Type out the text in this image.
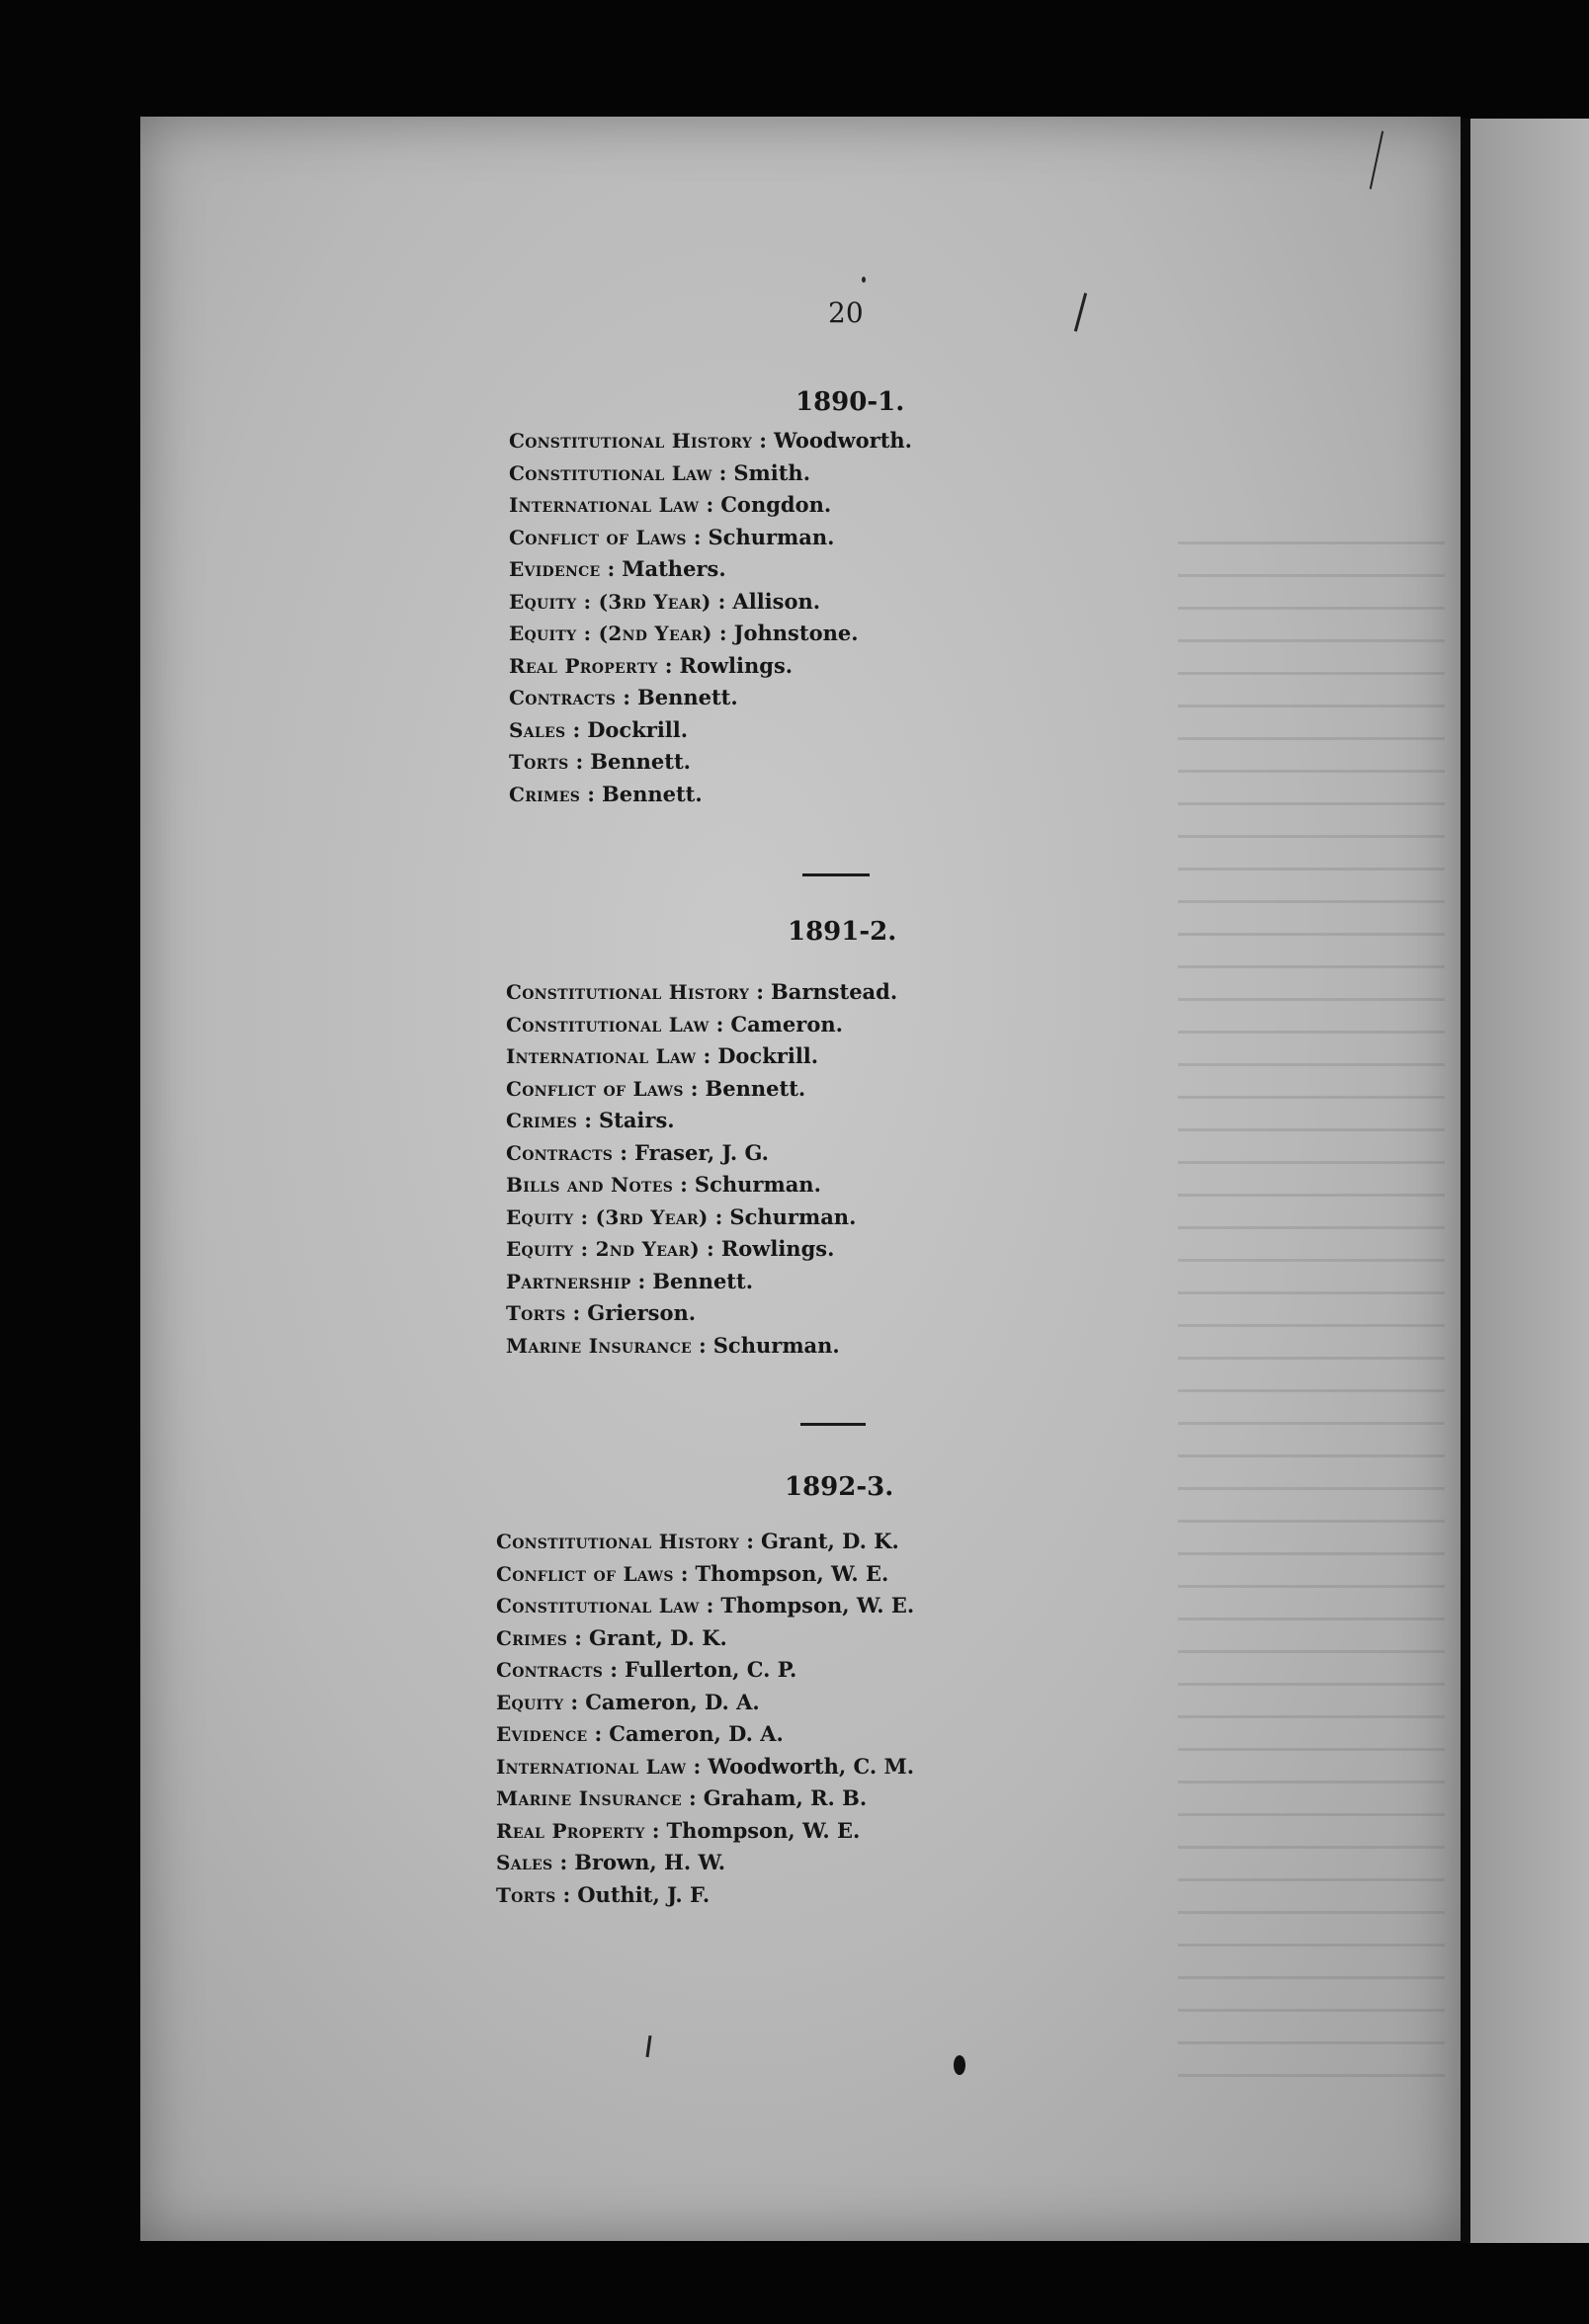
20
1890-1.
Constitutional History : Woodworth.
Constitutional Law : Smith.
International Law : Congdon.
Conflict of Laws : Schurman.
Evidence : Mathers.
Equity : (3rd Year) : Allison.
Equity : (2nd Year) : Johnstone.
Real Property : Rowlings.
Contracts : Bennett.
Sales : Dockrill.
Torts : Bennett.
Crimes : Bennett.
1891-2.
Constitutional History : Barnstead.
Constitutional Law : Cameron.
International Law : Dockrill.
Conflict of Laws : Bennett.
Crimes : Stairs.
Contracts : Fraser, J. G.
Bills and Notes : Schurman.
Equity : (3rd Year) : Schurman.
Equity : 2nd Year) : Rowlings.
Partnership : Bennett.
Torts : Grierson.
Marine Insurance : Schurman.
1892-3.
Constitutional History : Grant, D. K.
Conflict of Laws : Thompson, W. E.
Constitutional Law : Thompson, W. E.
Crimes : Grant, D. K.
Contracts : Fullerton, C. P.
Equity : Cameron, D. A.
Evidence : Cameron, D. A.
International Law : Woodworth, C. M.
Marine Insurance : Graham, R. B.
Real Property : Thompson, W. E.
Sales : Brown, H. W.
Torts : Outhit, J. F.
